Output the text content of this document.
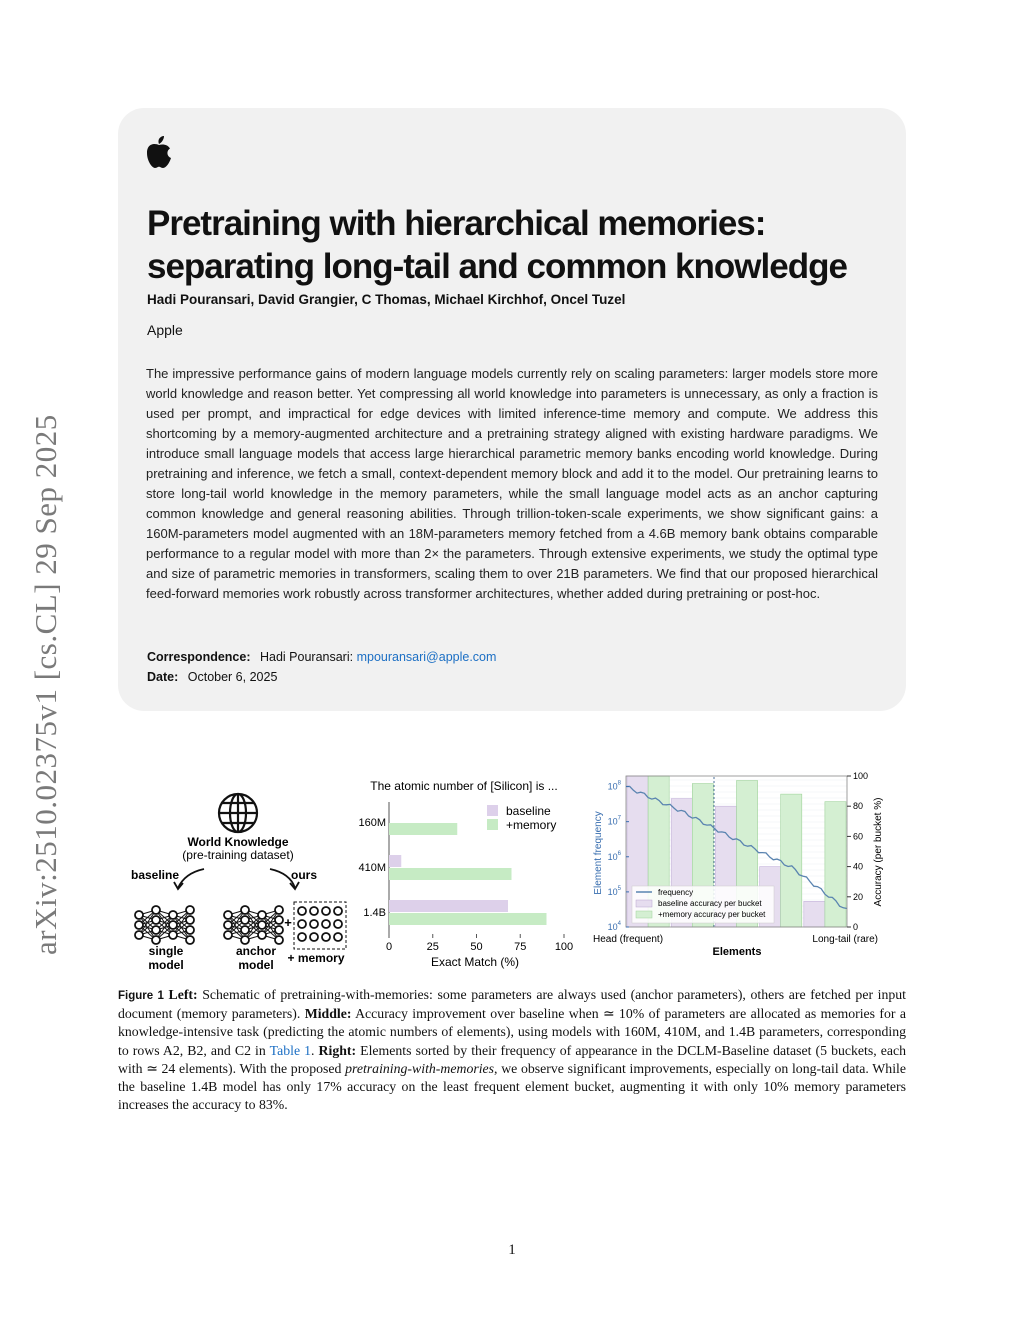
arXiv:2510.02375v1 [cs.CL] 29 Sep 2025
Pretraining with hierarchical memories:
separating long-tail and common knowledge
Hadi Pouransari, David Grangier, C Thomas, Michael Kirchhof, Oncel Tuzel
Apple

The impressive performance gains of modern language models currently rely on scaling parameters: larger models store more world knowledge and reason better. Yet compressing all world knowledge into parameters is unnecessary, as only a fraction is used per prompt, and impractical for edge devices with limited inference-time memory and compute. We address this shortcoming by a memory-augmented architecture and a pretraining strategy aligned with existing hardware paradigms. We introduce small language models that access large hierarchical parametric memory banks encoding world knowledge. During pretraining and inference, we fetch a small, context-dependent memory block and add it to the model. Our pretraining learns to store long-tail world knowledge in the memory parameters, while the small language model acts as an anchor capturing common knowledge and general reasoning abilities. Through trillion-token-scale experiments, we show significant gains: a 160M-parameters model augmented with an 18M-parameters memory fetched from a 4.6B memory bank obtains comparable performance to a regular model with more than 2× the parameters. Through extensive experiments, we study the optimal type and size of parametric memories in transformers, scaling them to over 21B parameters. We find that our proposed hierarchical feed-forward memories work robustly across transformer architectures, whether added during pretraining or post-hoc.

Correspondence: Hadi Pouransari: mpouransari@apple.com
Date: October 6, 2025
World Knowledge
(pre-training dataset)
baseline	ours
+
single
model
anchor
model + memory
The atomic number of [Silicon] is ...
160M
410M
1.4B
0	25	50	75	100
Exact Match (%)
baseline
+memory
$10^8$
$10^7$
$10^6$
$10^5$
$10^4$	0
20
40
60
80
100
Element frequency	Accuracy (per bucket %)
Head (frequent)	Long-tail (rare)
Elements
frequency
baseline accuracy per bucket
+memory accuracy per bucket

Figure 1 Left: Schematic of pretraining-with-memories: some parameters are always used (anchor parameters), others are fetched per input document (memory parameters). Middle: Accuracy improvement over baseline when ≃ 10% of parameters are allocated as memories for a knowledge-intensive task (predicting the atomic numbers of elements), using models with 160M, 410M, and 1.4B parameters, corresponding to rows A2, B2, and C2 in Table 1. Right: Elements sorted by their frequency of appearance in the DCLM-Baseline dataset (5 buckets, each with ≃ 24 elements). With the proposed pretraining-with-memories, we observe significant improvements, especially on long-tail data. While the baseline 1.4B model has only 17% accuracy on the least frequent element bucket, augmenting it with only 10% memory parameters increases the accuracy to 83%.

1
